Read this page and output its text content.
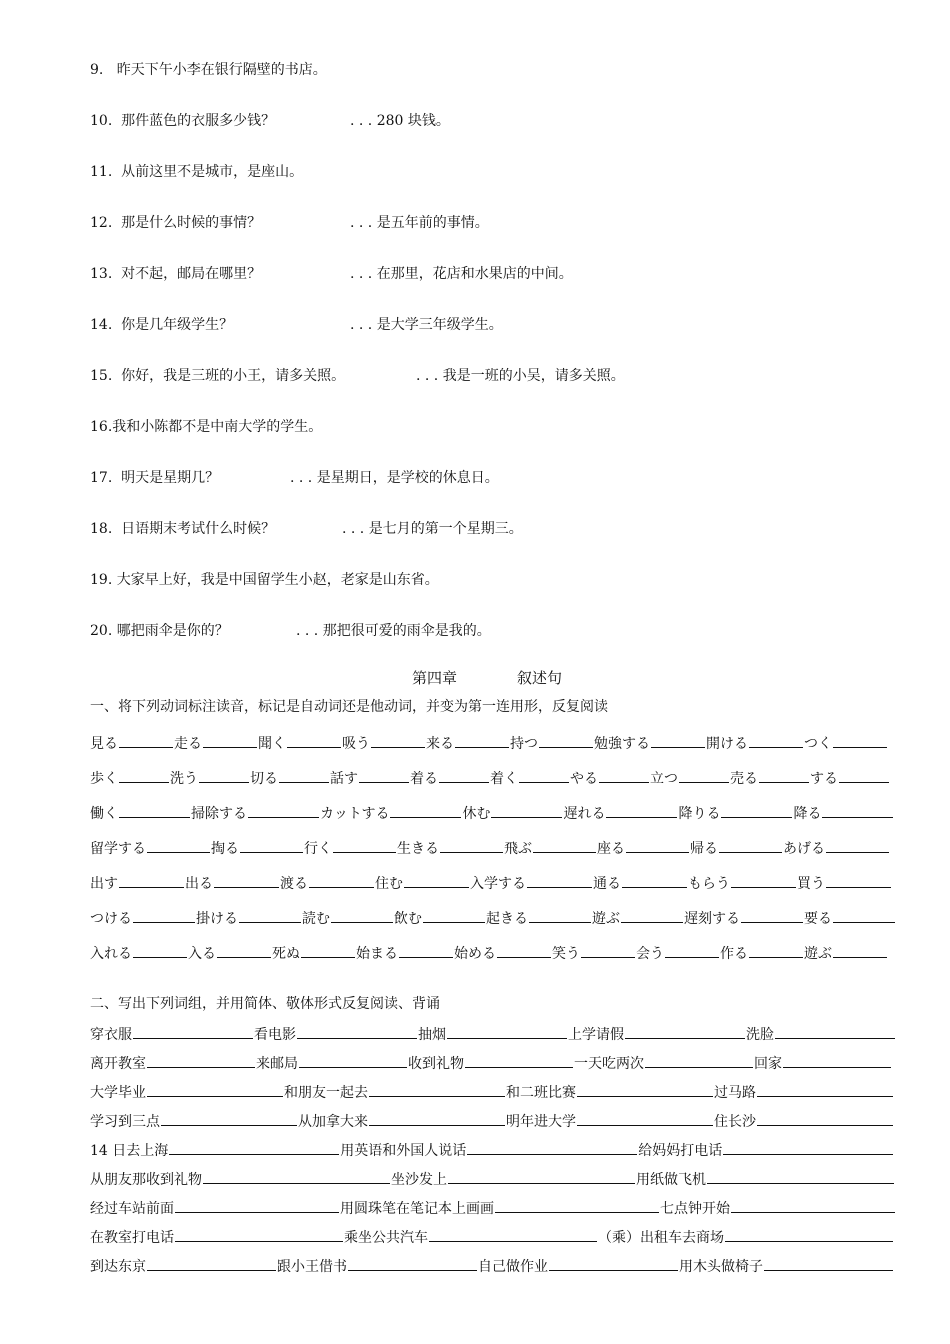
9. 昨天下午小李在银行隔壁的书店。
10. 那件蓝色的衣服多少钱？	. . . 280 块钱。
11. 从前这里不是城市，是座山。
12. 那是什么时候的事情？	. . . 是五年前的事情。
13. 对不起，邮局在哪里？	. . . 在那里，花店和水果店的中间。
14. 你是几年级学生？	. . . 是大学三年级学生。
15. 你好，我是三班的小王，请多关照。	. . . 我是一班的小吴，请多关照。
16.我和小陈都不是中南大学的学生。
17. 明天是星期几？	. . . 是星期日，是学校的休息日。
18. 日语期末考试什么时候？	. . . 是七月的第一个星期三。
19. 大家早上好，我是中国留学生小赵，老家是山东省。
20. 哪把雨伞是你的？	. . . 那把很可爱的雨伞是我的。
第四章	叙述句
一、将下列动词标注读音，标记是自动词还是他动词，并变为第一连用形，反复阅读
見る	走る	聞く	吸う	来る	持つ	勉強する	開ける	つく
歩く	洗う	切る	話す	着る	着く	やる	立つ	売る	する
働く	掃除する	カットする	休む	遅れる	降りる	降る
留学する	掏る	行く	生きる	飛ぶ	座る	帰る	あげる
出す	出る	渡る	住む	入学する	通る	もらう	買う
つける	掛ける	読む	飲む	起きる	遊ぶ	遅刻する	要る
入れる	入る	死ぬ	始まる	始める	笑う	会う	作る	遊ぶ
二、写出下列词组，并用简体、敬体形式反复阅读、背诵
穿衣服	看电影	抽烟	上学请假	洗脸
离开教室	来邮局	收到礼物	一天吃两次	回家
大学毕业	和朋友一起去	和二班比赛	过马路
学习到三点	从加拿大来	明年进大学	住长沙
14 日去上海	用英语和外国人说话	给妈妈打电话
从朋友那收到礼物	坐沙发上	用纸做飞机
经过车站前面	用圆珠笔在笔记本上画画	七点钟开始
在教室打电话	乘坐公共汽车	（乘）出租车去商场
到达东京	跟小王借书	自己做作业	用木头做椅子
